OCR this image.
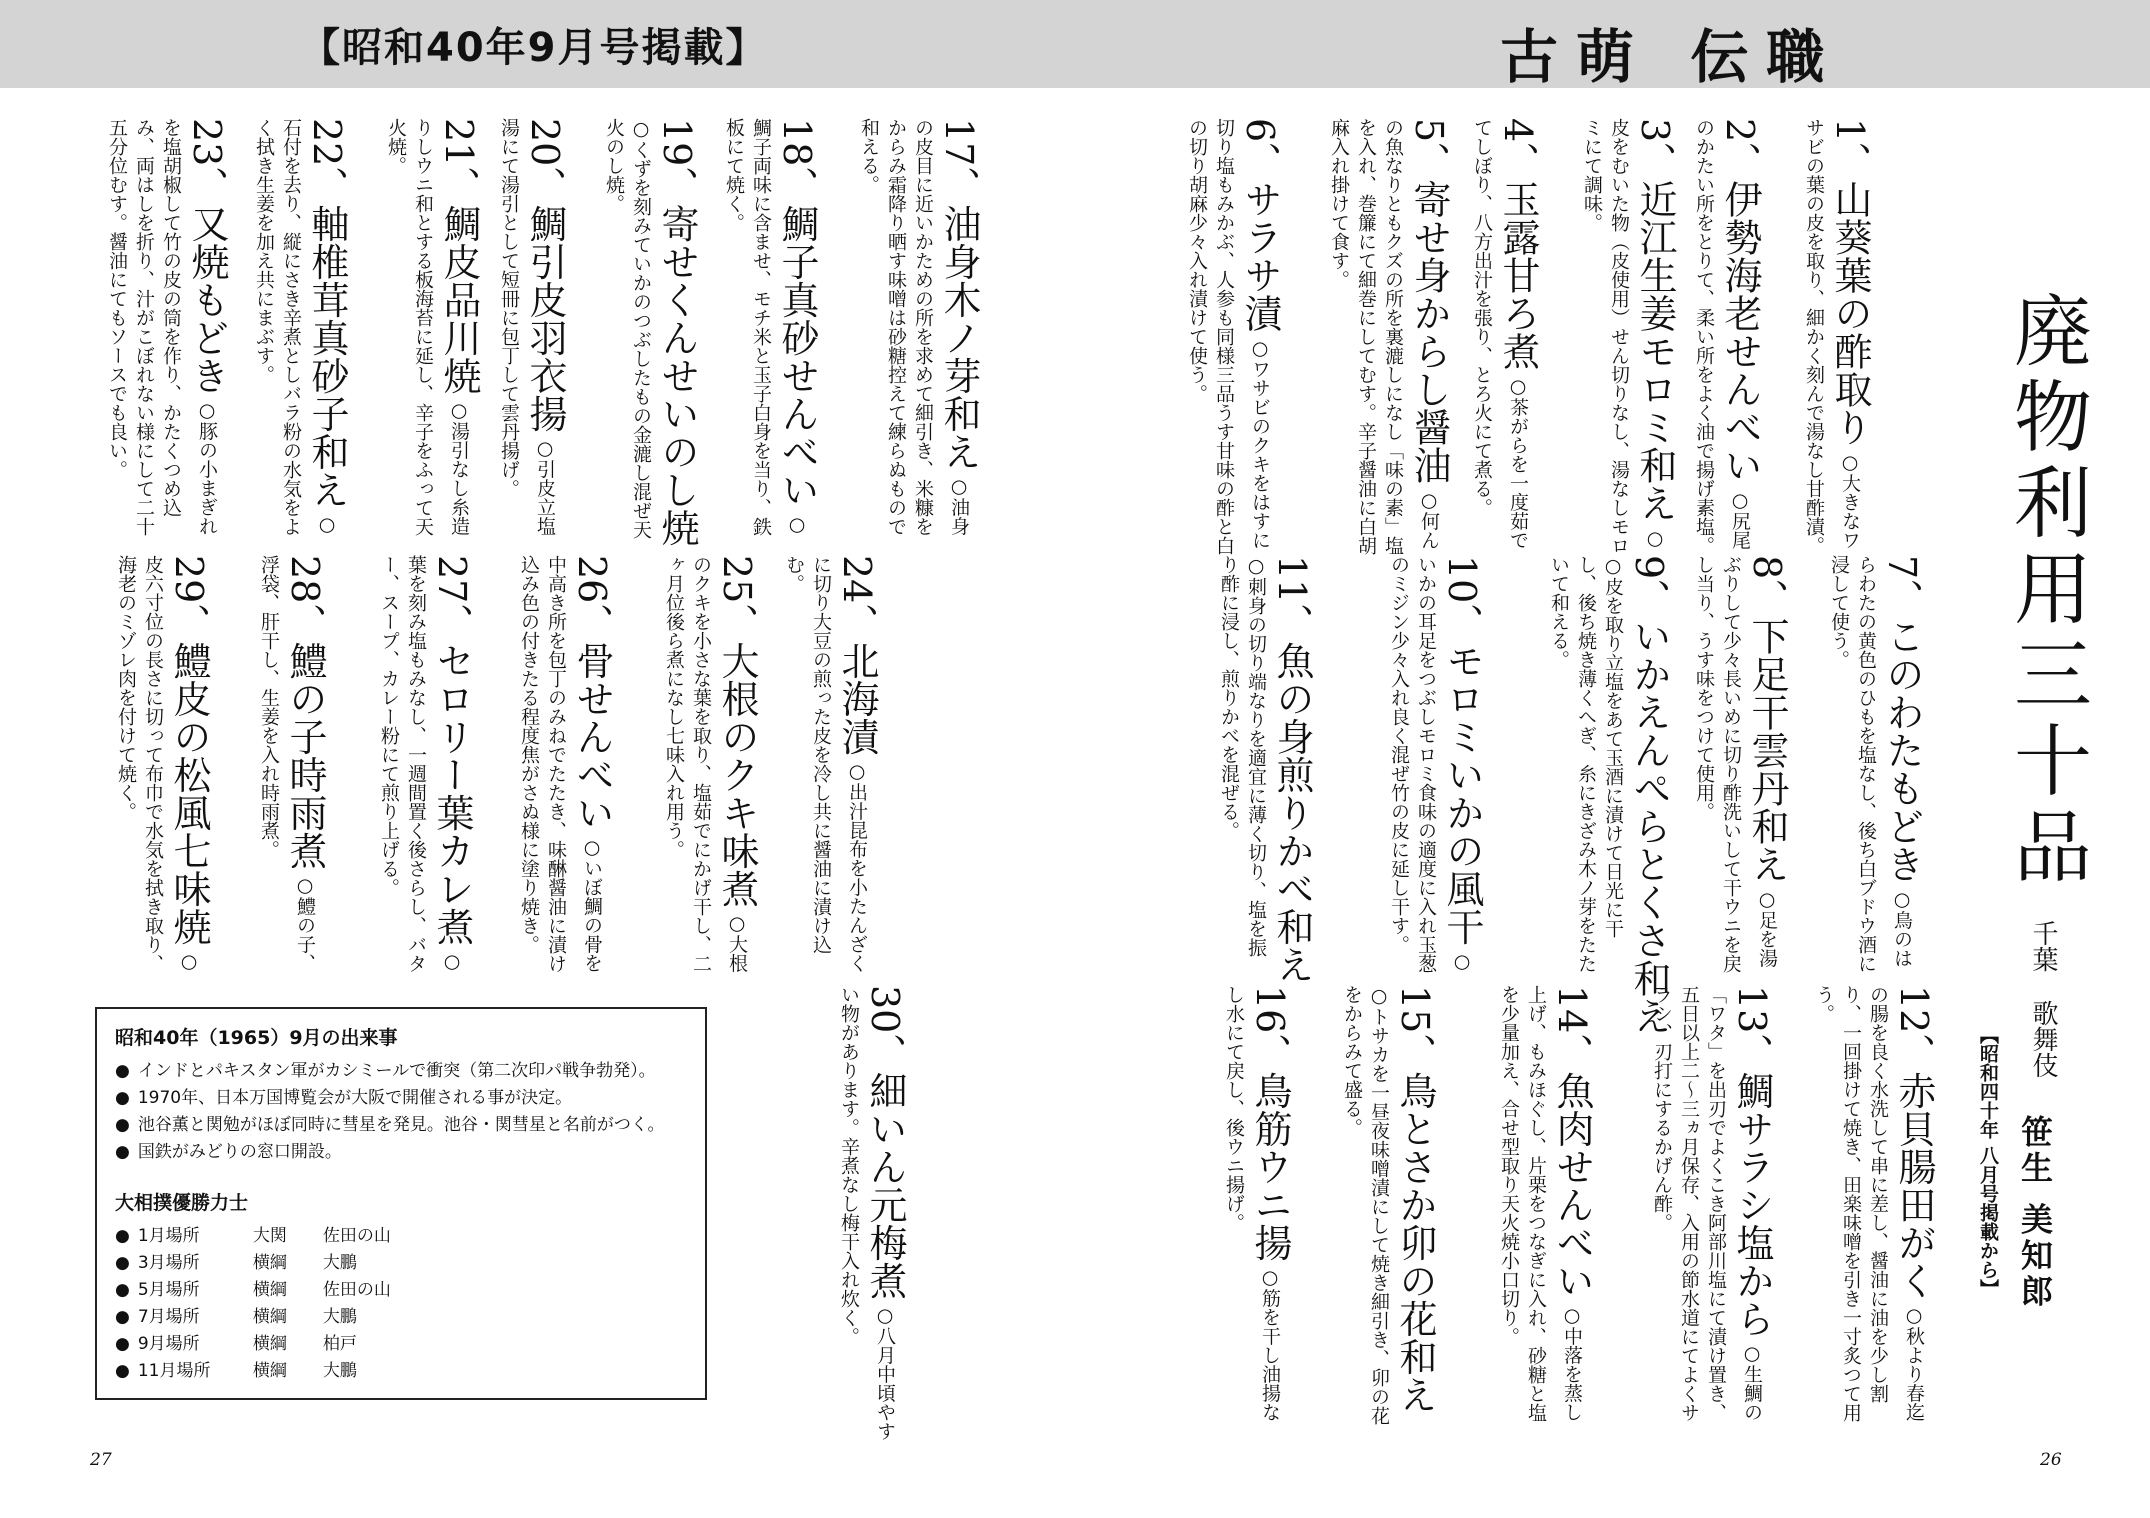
【昭和40年9月号掲載】	古萌 伝職
廃物利用三十品
千葉
歌舞伎
笹生 美知郎
【昭和四十年 八月号掲載から】
1、山葵葉の酢取り ○大きなワサビの葉の皮を取り、細かく刻んで湯なし甘酢漬。
2、伊勢海老せんべい ○尻尾のかたい所をとりて、柔い所をよく油で揚げ素塩。
3、近江生姜モロミ和え ○皮をむいた物（皮使用）せん切りなし、湯なしモロミにて調味。
4、玉露甘ろ煮 ○茶がらを一度茹でてしぼり、八方出汁を張り、とろ火にて煮る。
5、寄せ身からし醤油 ○何んの魚なりともクズの所を裏漉しになし「味の素」塩を入れ、巻簾にて細巻にしてむす。辛子醤油に白胡麻入れ掛けて食す。
6、サラサ漬 ○ワサビのクキをはすに切り塩もみかぶ、人参も同様三品うす甘味の酢と白の切り胡麻少々入れ漬けて使う。
7、このわたもどき ○鳥のはらわたの黄色のひもを塩なし、後ち白ブドウ酒に浸して使う。
8、下足干雲丹和え ○足を湯ぶりして少々長いめに切り酢洗いして干ウニを戻し当り、うす味をつけて使用。
9、いかえんぺらとくさ和え ○皮を取り立塩をあて玉酒に漬けて日光に干し、後ち焼き薄くへぎ、糸にきざみ木ノ芽をたたいて和える。
10、モロミいかの風干 ○いかの耳足をつぶしモロミ食味の適度に入れ玉葱のミジン少々入れ良く混ぜ竹の皮に延し干す。
11、魚の身煎りかべ和え ○刺身の切り端なりを適宜に薄く切り、塩を振り酢に浸し、煎りかべを混ぜる。
12、赤貝腸田がく ○秋より春迄の腸を良く水洗して串に差し、醤油に油を少し割り、一回掛けて焼き、田楽味噌を引き一寸炙つて用う。
13、鯛サラシ塩から ○生鯛の「ワタ」を出刃でよくこき阿部川塩にて漬け置き、五日以上二〜三ヵ月保存、入用の節水道にてよくサラシ、刃打にするかげん酢。
14、魚肉せんべい ○中落を蒸し上げ、もみほぐし、片栗をつなぎに入れ、砂糖と塩を少量加え、合せ型取り天火焼小口切り。
15、鳥とさか卯の花和え ○トサカを一昼夜味噌漬にして焼き細引き、卯の花をからみて盛る。
16、鳥筋ウニ揚 ○筋を干し油揚なし水にて戻し、後ウニ揚げ。
17、油身木ノ芽和え ○油身の皮目に近いかための所を求めて細引き、米糠をからみ霜降り晒す味噌は砂糖控えて練らぬもので和える。
18、鯛子真砂せんべい ○鯛子両味に含ませ、モチ米と玉子白身を当り、鉄板にて焼く。
19、寄せくんせいのし焼 ○くずを刻みていかのつぶしたもの金漉し混ぜ天火のし焼。
20、鯛引皮羽衣揚 ○引皮立塩湯にて湯引として短冊に包丁して雲丹揚げ。
21、鯛皮品川焼 ○湯引なし糸造りしウニ和とする板海苔に延し、辛子をふって天火焼。
22、軸椎茸真砂子和え ○石付を去り、縦にさき辛煮としバラ粉の水気をよく拭き生姜を加え共にまぶす。
23、又焼もどき ○豚の小まぎれを塩胡椒して竹の皮の筒を作り、かたくつめ込み、両はしを折り、汁がこぼれない様にして二十五分位むす。醤油にてもソースでも良い。
24、北海漬 ○出汁昆布を小たんざくに切り大豆の煎った皮を冷し共に醤油に漬け込む。
25、大根のクキ味煮 ○大根のクキを小さな葉を取り、塩茹でにかげ干し、二ヶ月位後ら煮になし七味入れ用う。
26、骨せんべい ○いぼ鯛の骨を中高き所を包丁のみねでたたき、味醂醤油に漬け込み色の付きたる程度焦がさぬ様に塗り焼き。
27、セロリー葉カレ煮 ○葉を刻み塩もみなし、一週間置く後さらし、バター、スープ、カレー粉にて煎り上げる。
28、鱧の子時雨煮 ○鱧の子、浮袋、肝干し、生姜を入れ時雨煮。
29、鱧皮の松風七味焼 ○皮六寸位の長さに切って布巾で水気を拭き取り、海老のミゾレ肉を付けて焼く。
30、細いん元梅煮 ○八月中頃やすい物があります。辛煮なし梅干入れ炊く。
昭和40年（1965）9月の出来事
● インドとパキスタン軍がカシミールで衝突（第二次印パ戦争勃発）。
● 1970年、日本万国博覧会が大阪で開催される事が決定。
● 池谷薫と関勉がほぼ同時に彗星を発見。池谷・関彗星と名前がつく。
● 国鉄がみどりの窓口開設。
大相撲優勝力士
● 1月場所	大関 佐田の山
● 3月場所	横綱 大鵬
● 5月場所	横綱 佐田の山
● 7月場所	横綱 大鵬
● 9月場所	横綱 柏戸
● 11月場所 横綱 大鵬
27	26
